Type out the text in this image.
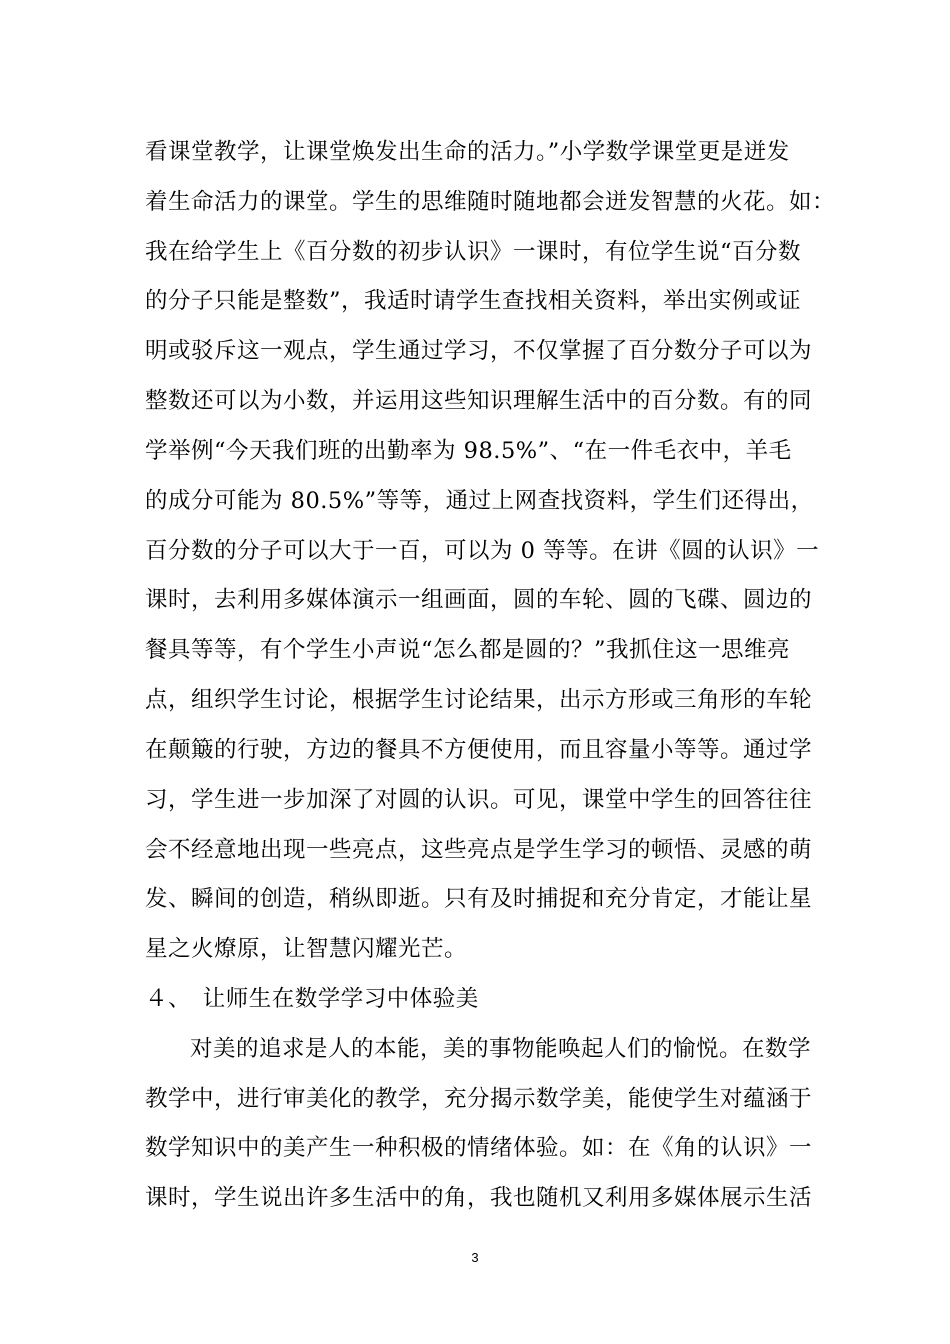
看课堂教学，让课堂焕发出生命的活力。”小学数学课堂更是迸发
着生命活力的课堂。学生的思维随时随地都会迸发智慧的火花。如：
我在给学生上《百分数的初步认识》一课时，有位学生说“百分数
的分子只能是整数”，我适时请学生查找相关资料，举出实例或证
明或驳斥这一观点，学生通过学习，不仅掌握了百分数分子可以为
整数还可以为小数，并运用这些知识理解生活中的百分数。有的同
学举例“今天我们班的出勤率为 98.5%”、“在一件毛衣中，羊毛
的成分可能为 80.5%”等等，通过上网查找资料，学生们还得出，
百分数的分子可以大于一百，可以为 0 等等。在讲《圆的认识》一
课时，去利用多媒体演示一组画面，圆的车轮、圆的飞碟、圆边的
餐具等等，有个学生小声说“怎么都是圆的？”我抓住这一思维亮
点，组织学生讨论，根据学生讨论结果，出示方形或三角形的车轮
在颠簸的行驶，方边的餐具不方便使用，而且容量小等等。通过学
习，学生进一步加深了对圆的认识。可见，课堂中学生的回答往往
会不经意地出现一些亮点，这些亮点是学生学习的顿悟、灵感的萌
发、瞬间的创造，稍纵即逝。只有及时捕捉和充分肯定，才能让星
星之火燎原，让智慧闪耀光芒。
４、　让师生在数学学习中体验美
对美的追求是人的本能，美的事物能唤起人们的愉悦。在数学
教学中，进行审美化的教学，充分揭示数学美，能使学生对蕴涵于
数学知识中的美产生一种积极的情绪体验。如：在《角的认识》一
课时，学生说出许多生活中的角，我也随机又利用多媒体展示生活
3
